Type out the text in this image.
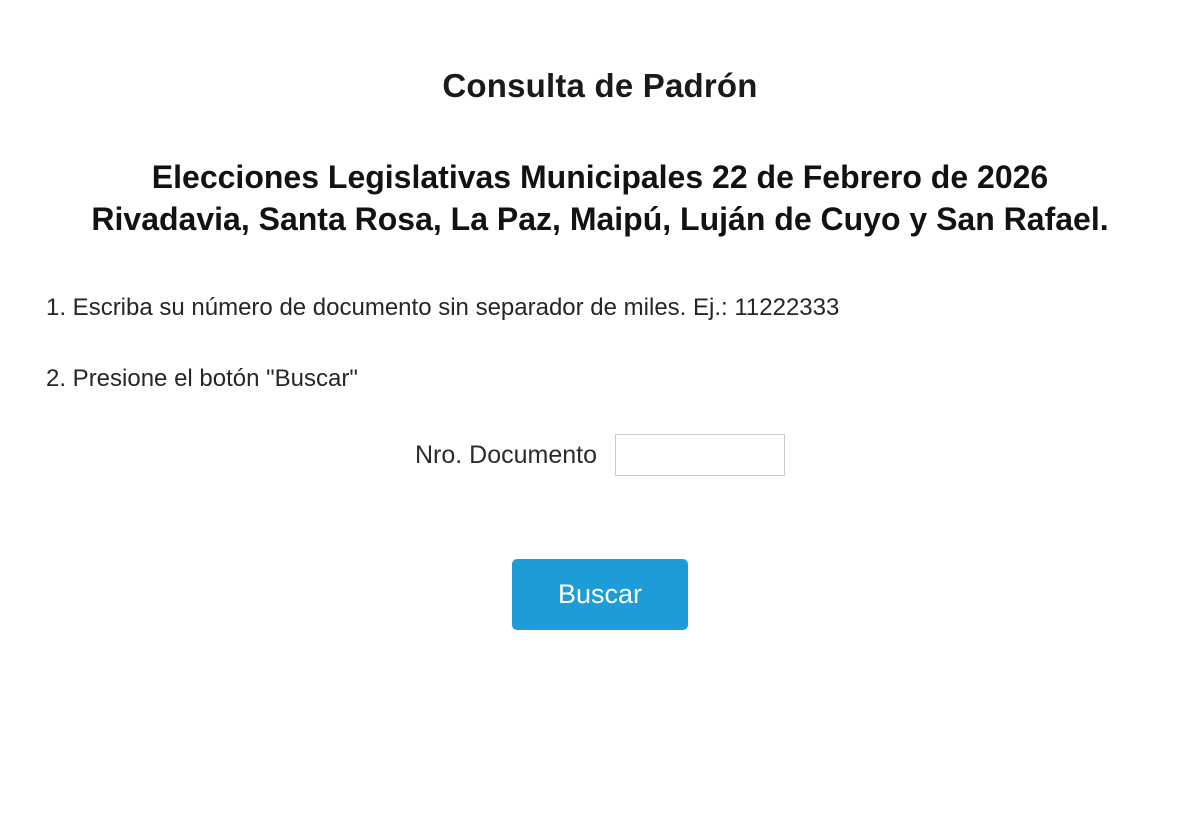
Consulta de Padrón
Elecciones Legislativas Municipales 22 de Febrero de 2026
Rivadavia, Santa Rosa, La Paz, Maipú, Luján de Cuyo y San Rafael.

1. Escriba su número de documento sin separador de miles. Ej.: 11222333

2. Presione el botón "Buscar"

Nro. Documento
Buscar
